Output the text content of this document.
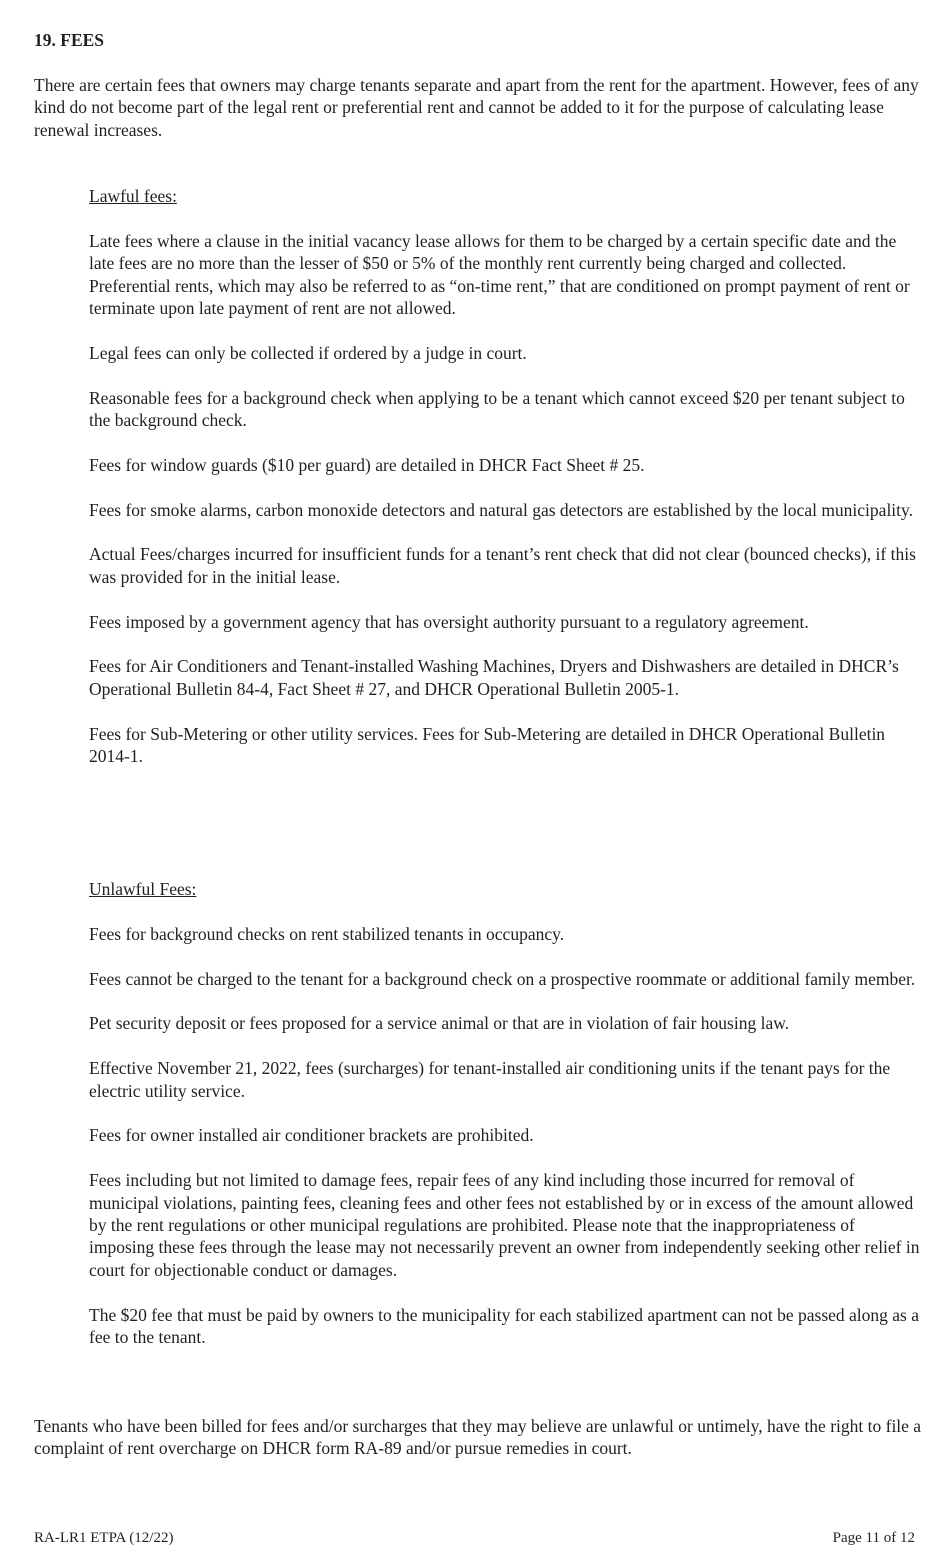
19. FEES

There are certain fees that owners may charge tenants separate and apart from the rent for the apartment. However, fees of any kind do not become part of the legal rent or preferential rent and cannot be added to it for the purpose of calculating lease renewal increases.

Lawful fees:

Late fees where a clause in the initial vacancy lease allows for them to be charged by a certain specific date and the late fees are no more than the lesser of $50 or 5% of the monthly rent currently being charged and collected. Preferential rents, which may also be referred to as “on-time rent,” that are conditioned on prompt payment of rent or terminate upon late payment of rent are not allowed.

Legal fees can only be collected if ordered by a judge in court.

Reasonable fees for a background check when applying to be a tenant which cannot exceed $20 per tenant subject to the background check.

Fees for window guards ($10 per guard) are detailed in DHCR Fact Sheet # 25.

Fees for smoke alarms, carbon monoxide detectors and natural gas detectors are established by the local municipality.

Actual Fees/charges incurred for insufficient funds for a tenant’s rent check that did not clear (bounced checks), if this was provided for in the initial lease.

Fees imposed by a government agency that has oversight authority pursuant to a regulatory agreement.

Fees for Air Conditioners and Tenant-installed Washing Machines, Dryers and Dishwashers are detailed in DHCR’s Operational Bulletin 84-4, Fact Sheet # 27, and DHCR Operational Bulletin 2005-1.

Fees for Sub-Metering or other utility services. Fees for Sub-Metering are detailed in DHCR Operational Bulletin 2014-1.

Unlawful Fees:

Fees for background checks on rent stabilized tenants in occupancy.

Fees cannot be charged to the tenant for a background check on a prospective roommate or additional family member.

Pet security deposit or fees proposed for a service animal or that are in violation of fair housing law.

Effective November 21, 2022, fees (surcharges) for tenant-installed air conditioning units if the tenant pays for the electric utility service.

Fees for owner installed air conditioner brackets are prohibited.

Fees including but not limited to damage fees, repair fees of any kind including those incurred for removal of municipal violations, painting fees, cleaning fees and other fees not established by or in excess of the amount allowed by the rent regulations or other municipal regulations are prohibited. Please note that the inappropriateness of imposing these fees through the lease may not necessarily prevent an owner from independently seeking other relief in court for objectionable conduct or damages.

The $20 fee that must be paid by owners to the municipality for each stabilized apartment can not be passed along as a fee to the tenant.

Tenants who have been billed for fees and/or surcharges that they may believe are unlawful or untimely, have the right to file a complaint of rent overcharge on DHCR form RA-89 and/or pursue remedies in court.

RA-LR1 ETPA (12/22)	Page 11 of 12
